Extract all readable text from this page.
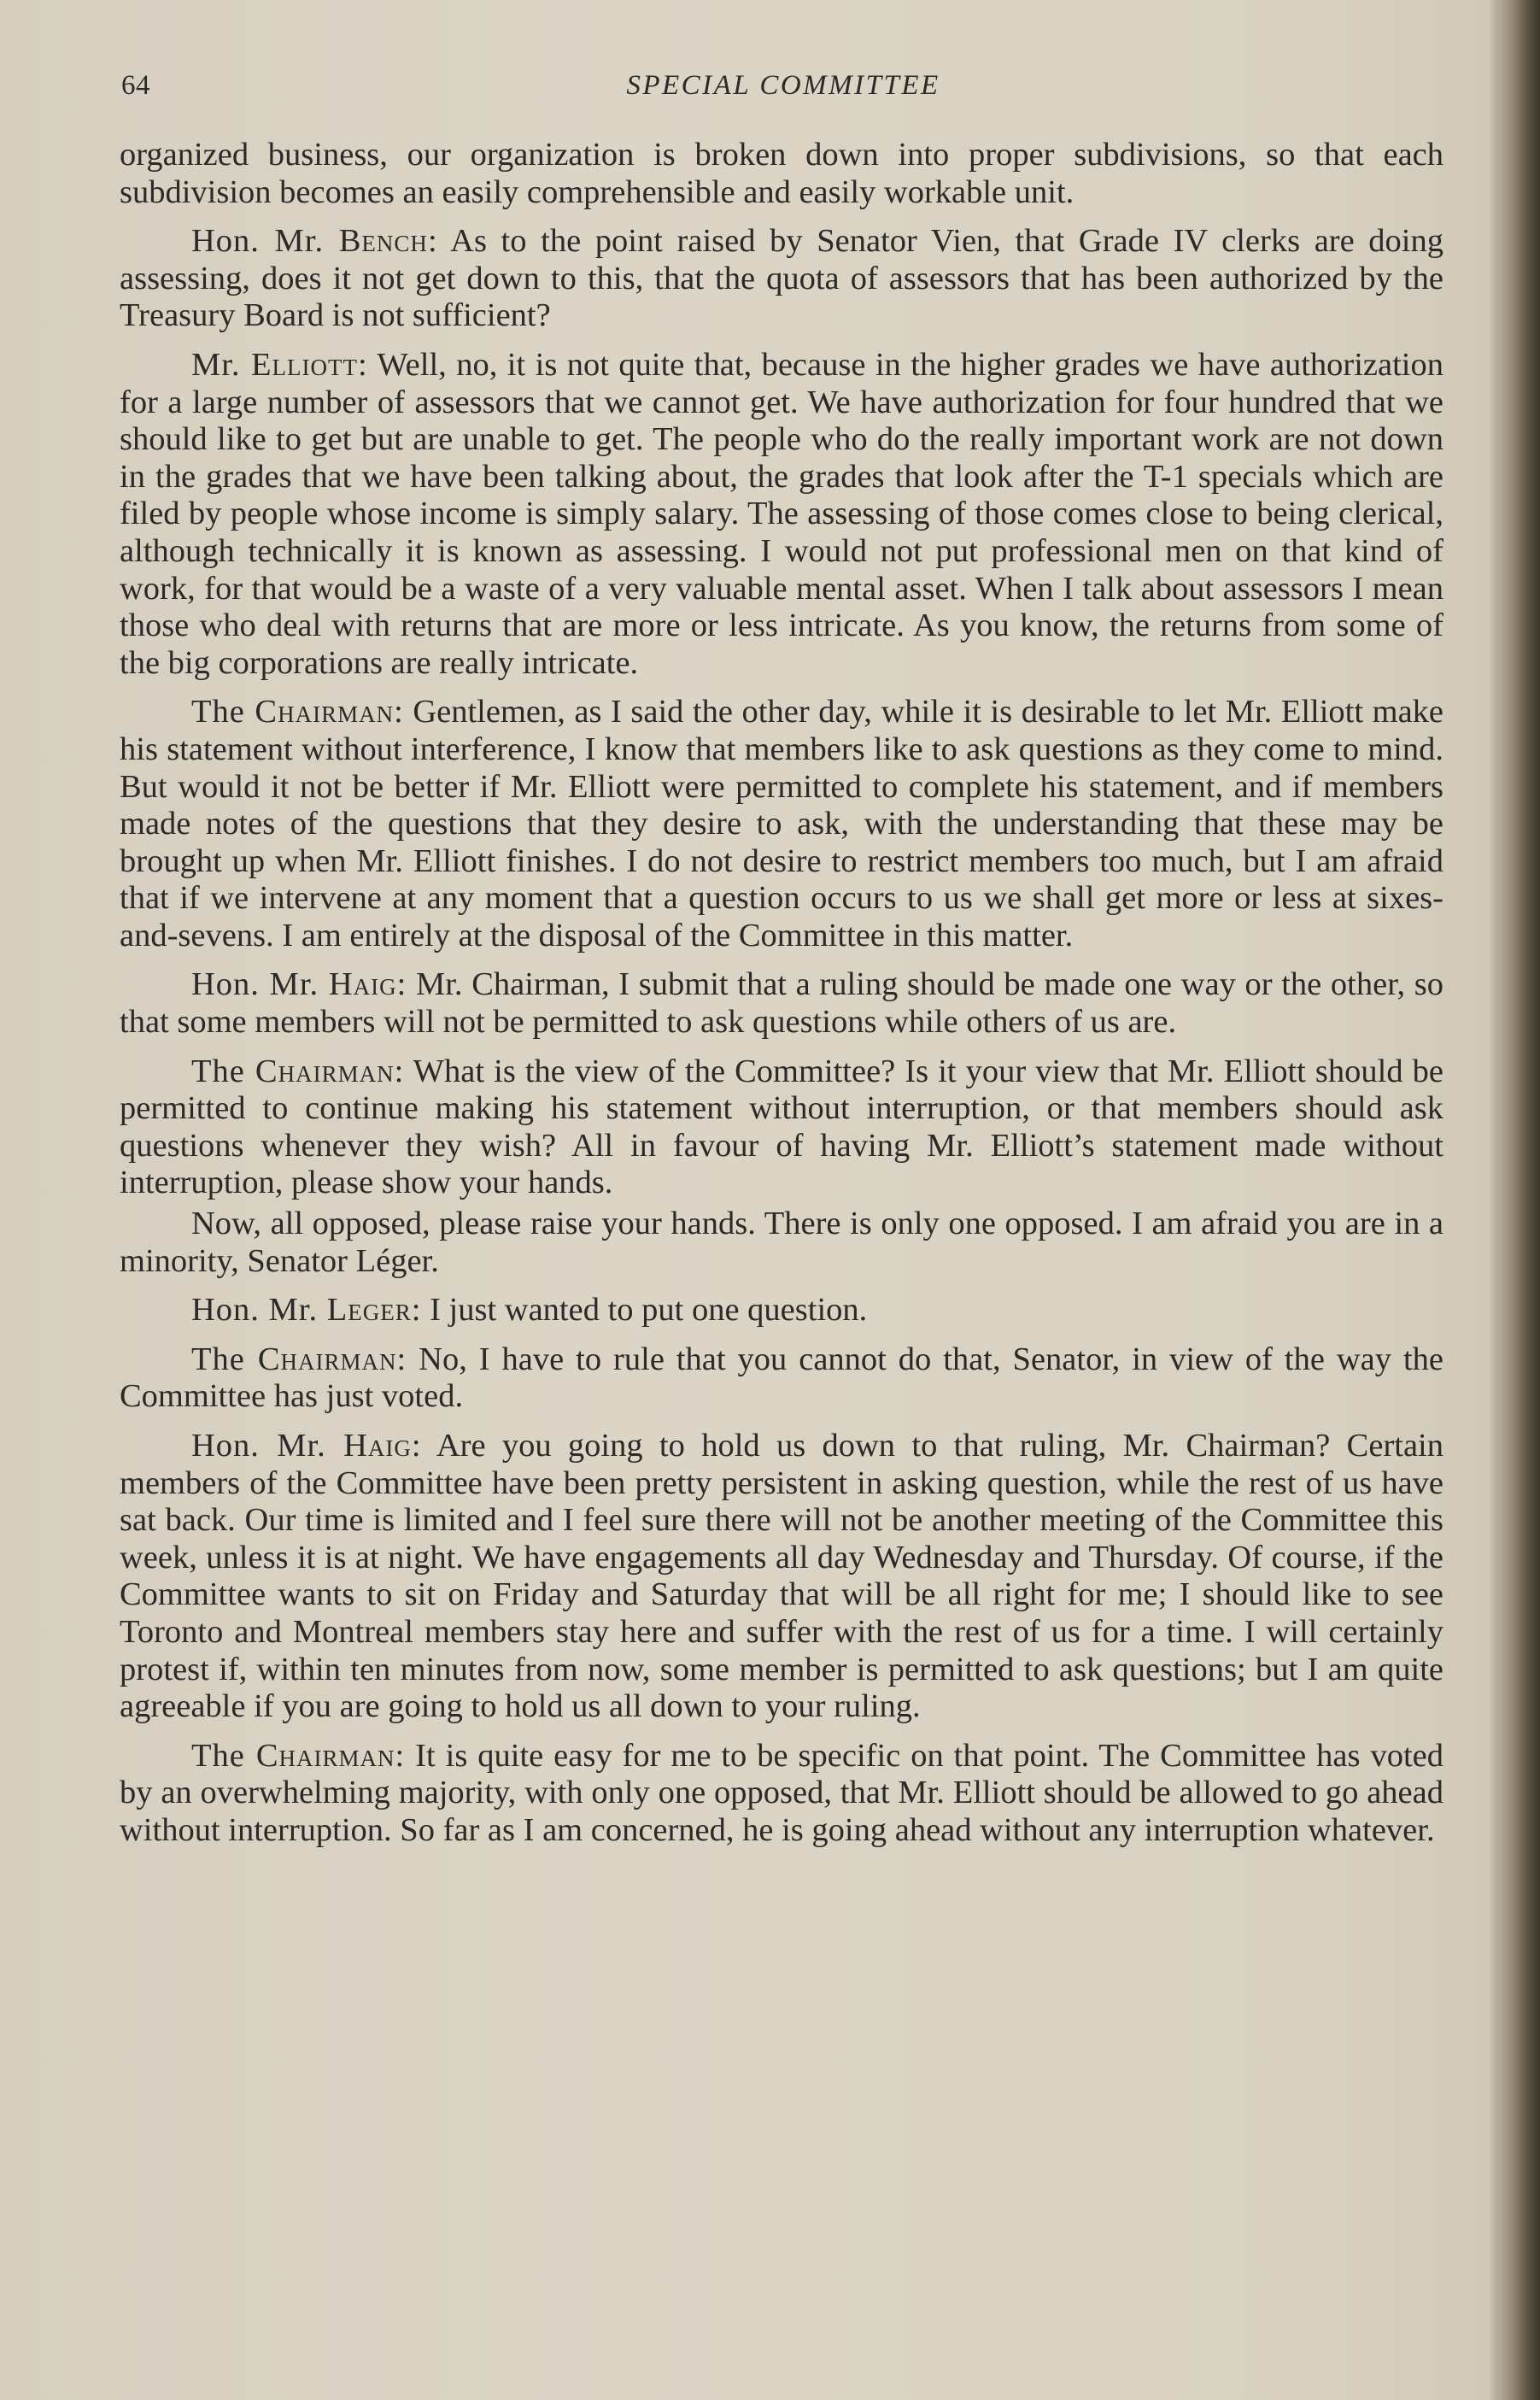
64	SPECIAL COMMITTEE

organized business, our organization is broken down into proper subdivisions, so that each subdivision becomes an easily comprehensible and easily workable unit.

Hon. Mr. Bench: As to the point raised by Senator Vien, that Grade IV clerks are doing assessing, does it not get down to this, that the quota of assessors that has been authorized by the Treasury Board is not sufficient?

Mr. Elliott: Well, no, it is not quite that, because in the higher grades we have authorization for a large number of assessors that we cannot get. We have authorization for four hundred that we should like to get but are unable to get. The people who do the really important work are not down in the grades that we have been talking about, the grades that look after the T-1 specials which are filed by people whose income is simply salary. The assessing of those comes close to being clerical, although technically it is known as assessing. I would not put professional men on that kind of work, for that would be a waste of a very valuable mental asset. When I talk about assessors I mean those who deal with returns that are more or less intricate. As you know, the returns from some of the big corporations are really intricate.

The Chairman: Gentlemen, as I said the other day, while it is desirable to let Mr. Elliott make his statement without interference, I know that members like to ask questions as they come to mind. But would it not be better if Mr. Elliott were permitted to complete his statement, and if members made notes of the questions that they desire to ask, with the understanding that these may be brought up when Mr. Elliott finishes. I do not desire to restrict members too much, but I am afraid that if we intervene at any moment that a question occurs to us we shall get more or less at sixes-and-sevens. I am entirely at the disposal of the Committee in this matter.

Hon. Mr. Haig: Mr. Chairman, I submit that a ruling should be made one way or the other, so that some members will not be permitted to ask questions while others of us are.

The Chairman: What is the view of the Committee? Is it your view that Mr. Elliott should be permitted to continue making his statement without interruption, or that members should ask questions whenever they wish? All in favour of having Mr. Elliott’s statement made without interruption, please show your hands.

Now, all opposed, please raise your hands. There is only one opposed. I am afraid you are in a minority, Senator Léger.

Hon. Mr. Leger: I just wanted to put one question.

The Chairman: No, I have to rule that you cannot do that, Senator, in view of the way the Committee has just voted.

Hon. Mr. Haig: Are you going to hold us down to that ruling, Mr. Chairman? Certain members of the Committee have been pretty persistent in asking question, while the rest of us have sat back. Our time is limited and I feel sure there will not be another meeting of the Committee this week, unless it is at night. We have engagements all day Wednesday and Thursday. Of course, if the Committee wants to sit on Friday and Saturday that will be all right for me; I should like to see Toronto and Montreal members stay here and suffer with the rest of us for a time. I will certainly protest if, within ten minutes from now, some member is permitted to ask questions; but I am quite agreeable if you are going to hold us all down to your ruling.

The Chairman: It is quite easy for me to be specific on that point. The Committee has voted by an overwhelming majority, with only one opposed, that Mr. Elliott should be allowed to go ahead without interruption. So far as I am concerned, he is going ahead without any interruption whatever.
